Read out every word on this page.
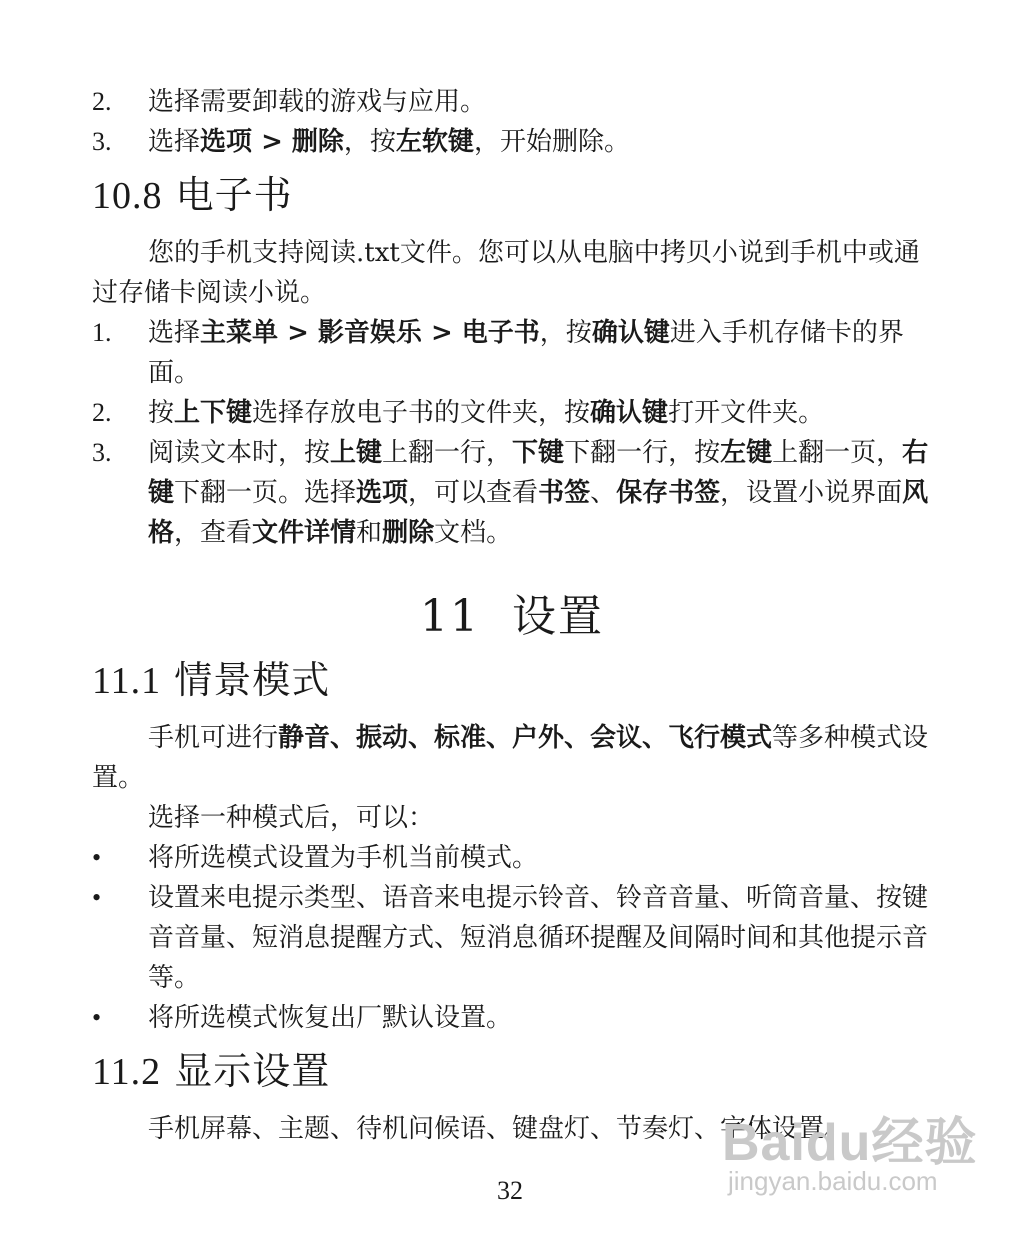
2. 选择需要卸载的游戏与应用。
3. 选择选项 > 删除，按左软键，开始删除。
10.8 电子书
您的手机支持阅读.txt文件。您可以从电脑中拷贝小说到手机中或通过存储卡阅读小说。
1. 选择主菜单 > 影音娱乐 > 电子书，按确认键进入手机存储卡的界面。
2. 按上下键选择存放电子书的文件夹，按确认键打开文件夹。
3. 阅读文本时，按上键上翻一行，下键下翻一行，按左键上翻一页，右键下翻一页。选择选项，可以查看书签、保存书签，设置小说界面风格，查看文件详情和删除文档。
11 设置
11.1 情景模式
手机可进行静音、振动、标准、户外、会议、飞行模式等多种模式设置。
选择一种模式后，可以：
• 将所选模式设置为手机当前模式。
• 设置来电提示类型、语音来电提示铃音、铃音音量、听筒音量、按键音音量、短消息提醒方式、短消息循环提醒及间隔时间和其他提示音等。
• 将所选模式恢复出厂默认设置。
11.2 显示设置
手机屏幕、主题、待机问候语、键盘灯、节奏灯、字体设置。
32
Baidu经验
jingyan.baidu.com
